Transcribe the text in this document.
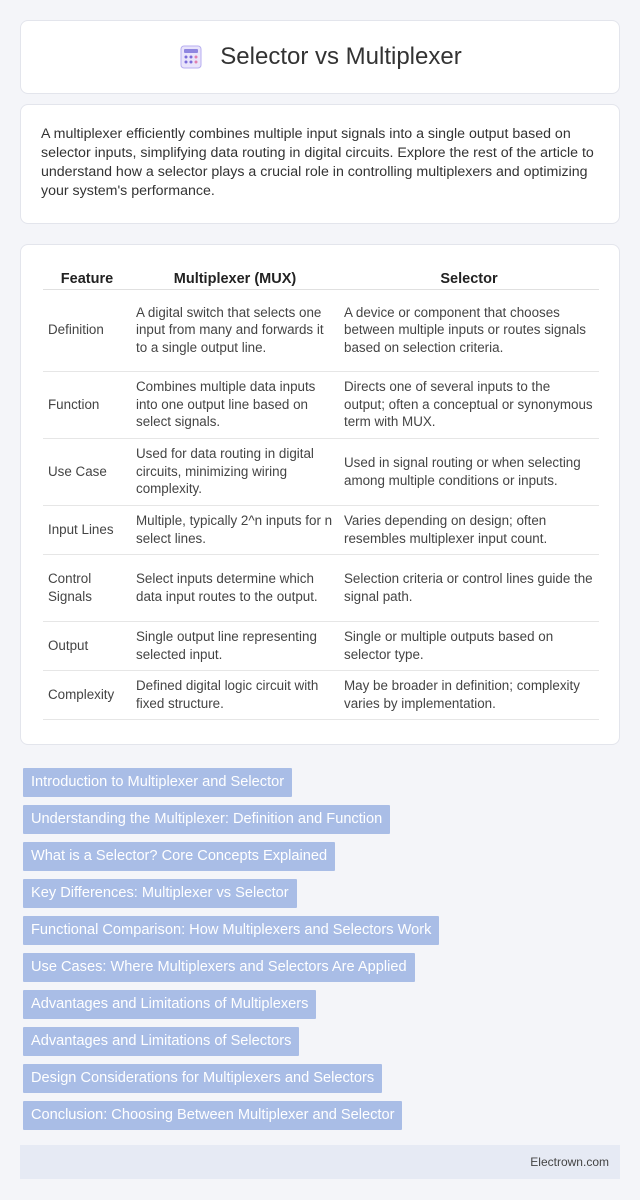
Selector vs Multiplexer

A multiplexer efficiently combines multiple input signals into a single output based on selector inputs, simplifying data routing in digital circuits. Explore the rest of the article to understand how a selector plays a crucial role in controlling multiplexers and optimizing your system's performance.

Feature	Multiplexer (MUX)	Selector
Definition	A digital switch that selects one input from many and forwards it to a single output line.	A device or component that chooses between multiple inputs or routes signals based on selection criteria.
Function	Combines multiple data inputs into one output line based on select signals.	Directs one of several inputs to the output; often a conceptual or synonymous term with MUX.
Use Case	Used for data routing in digital circuits, minimizing wiring complexity.	Used in signal routing or when selecting among multiple conditions or inputs.
Input Lines	Multiple, typically 2^n inputs for n select lines.	Varies depending on design; often resembles multiplexer input count.
Control Signals	Select inputs determine which data input routes to the output.	Selection criteria or control lines guide the signal path.
Output	Single output line representing selected input.	Single or multiple outputs based on selector type.
Complexity	Defined digital logic circuit with fixed structure.	May be broader in definition; complexity varies by implementation.
Introduction to Multiplexer and Selector
Understanding the Multiplexer: Definition and Function
What is a Selector? Core Concepts Explained
Key Differences: Multiplexer vs Selector
Functional Comparison: How Multiplexers and Selectors Work
Use Cases: Where Multiplexers and Selectors Are Applied
Advantages and Limitations of Multiplexers
Advantages and Limitations of Selectors
Design Considerations for Multiplexers and Selectors
Conclusion: Choosing Between Multiplexer and Selector
Electrown.com
